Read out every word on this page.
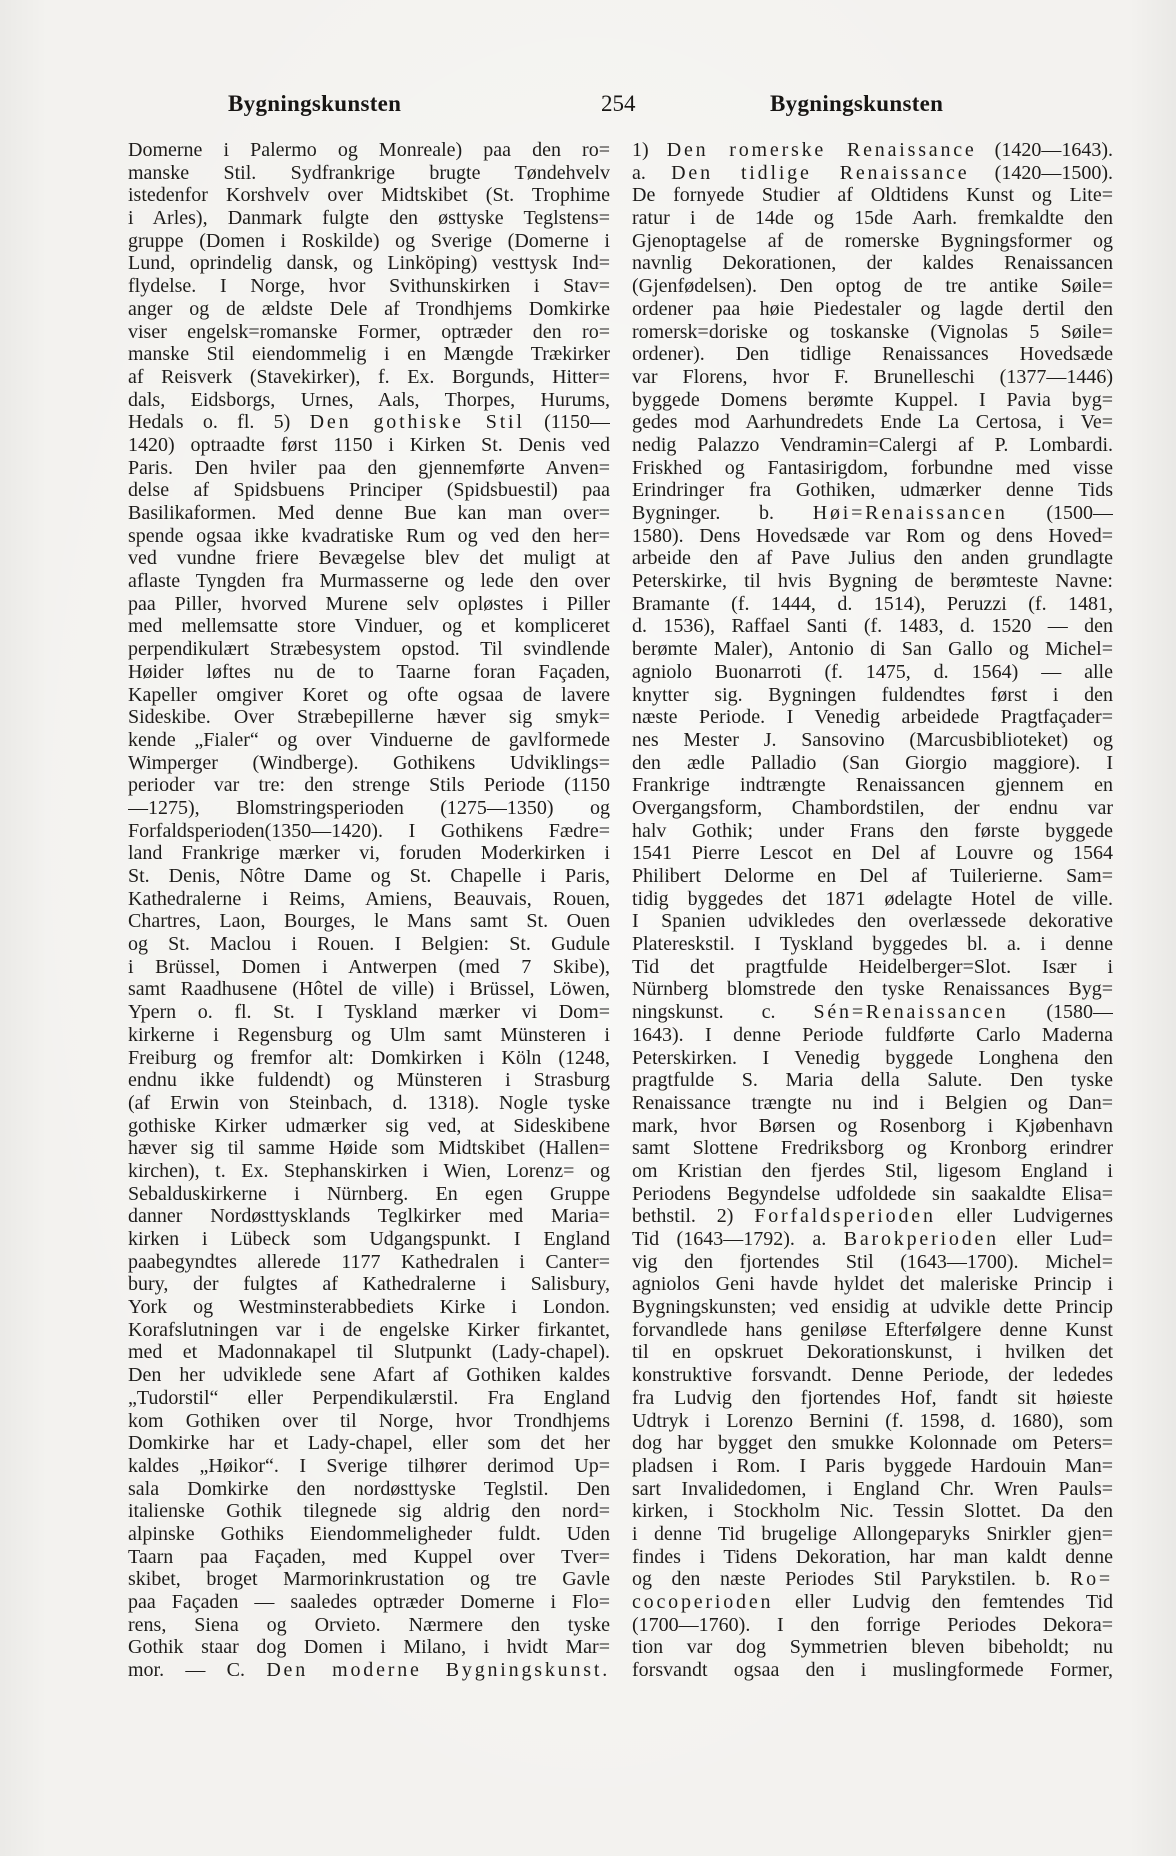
Bygningskunsten	254	Bygningskunsten
Domerne i Palermo og Monreale) paa den ro=
manske Stil. Sydfrankrige brugte Tøndehvelv
istedenfor Korshvelv over Midtskibet (St. Trophime
i Arles), Danmark fulgte den østtyske Teglstens=
gruppe (Domen i Roskilde) og Sverige (Domerne i
Lund, oprindelig dansk, og Linköping) vesttysk Ind=
flydelse. I Norge, hvor Svithunskirken i Stav=
anger og de ældste Dele af Trondhjems Domkirke
viser engelsk=romanske Former, optræder den ro=
manske Stil eiendommelig i en Mængde Trækirker
af Reisverk (Stavekirker), f. Ex. Borgunds, Hitter=
dals, Eidsborgs, Urnes, Aals, Thorpes, Hurums,
Hedals o. fl. 5) Den gothiske Stil (1150—
1420) optraadte først 1150 i Kirken St. Denis ved
Paris. Den hviler paa den gjennemførte Anven=
delse af Spidsbuens Principer (Spidsbuestil) paa
Basilikaformen. Med denne Bue kan man over=
spende ogsaa ikke kvadratiske Rum og ved den her=
ved vundne friere Bevægelse blev det muligt at
aflaste Tyngden fra Murmasserne og lede den over
paa Piller, hvorved Murene selv opløstes i Piller
med mellemsatte store Vinduer, og et kompliceret
perpendikulært Stræbesystem opstod. Til svindlende
Høider løftes nu de to Taarne foran Façaden,
Kapeller omgiver Koret og ofte ogsaa de lavere
Sideskibe. Over Stræbepillerne hæver sig smyk=
kende „Fialer“ og over Vinduerne de gavlformede
Wimperger (Windberge). Gothikens Udviklings=
perioder var tre: den strenge Stils Periode (1150
—1275), Blomstringsperioden (1275—1350) og
Forfaldsperioden(1350—1420). I Gothikens Fædre=
land Frankrige mærker vi, foruden Moderkirken i
St. Denis, Nôtre Dame og St. Chapelle i Paris,
Kathedralerne i Reims, Amiens, Beauvais, Rouen,
Chartres, Laon, Bourges, le Mans samt St. Ouen
og St. Maclou i Rouen. I Belgien: St. Gudule
i Brüssel, Domen i Antwerpen (med 7 Skibe),
samt Raadhusene (Hôtel de ville) i Brüssel, Löwen,
Ypern o. fl. St. I Tyskland mærker vi Dom=
kirkerne i Regensburg og Ulm samt Münsteren i
Freiburg og fremfor alt: Domkirken i Köln (1248,
endnu ikke fuldendt) og Münsteren i Strasburg
(af Erwin von Steinbach, d. 1318). Nogle tyske
gothiske Kirker udmærker sig ved, at Sideskibene
hæver sig til samme Høide som Midtskibet (Hallen=
kirchen), t. Ex. Stephanskirken i Wien, Lorenz= og
Sebalduskirkerne i Nürnberg. En egen Gruppe
danner Nordøsttysklands Teglkirker med Maria=
kirken i Lübeck som Udgangspunkt. I England
paabegyndtes allerede 1177 Kathedralen i Canter=
bury, der fulgtes af Kathedralerne i Salisbury,
York og Westminsterabbediets Kirke i London.
Korafslutningen var i de engelske Kirker firkantet,
med et Madonnakapel til Slutpunkt (Lady-chapel).
Den her udviklede sene Afart af Gothiken kaldes
„Tudorstil“ eller Perpendikulærstil. Fra England
kom Gothiken over til Norge, hvor Trondhjems
Domkirke har et Lady-chapel, eller som det her
kaldes „Høikor“. I Sverige tilhører derimod Up=
sala Domkirke den nordøsttyske Teglstil. Den
italienske Gothik tilegnede sig aldrig den nord=
alpinske Gothiks Eiendommeligheder fuldt. Uden
Taarn paa Façaden, med Kuppel over Tver=
skibet, broget Marmorinkrustation og tre Gavle
paa Façaden — saaledes optræder Domerne i Flo=
rens, Siena og Orvieto. Nærmere den tyske
Gothik staar dog Domen i Milano, i hvidt Mar=
mor. — C. Den moderne Bygningskunst.
1) Den romerske Renaissance (1420—1643).
a. Den tidlige Renaissance (1420—1500).
De fornyede Studier af Oldtidens Kunst og Lite=
ratur i de 14de og 15de Aarh. fremkaldte den
Gjenoptagelse af de romerske Bygningsformer og
navnlig Dekorationen, der kaldes Renaissancen
(Gjenfødelsen). Den optog de tre antike Søile=
ordener paa høie Piedestaler og lagde dertil den
romersk=doriske og toskanske (Vignolas 5 Søile=
ordener). Den tidlige Renaissances Hovedsæde
var Florens, hvor F. Brunelleschi (1377—1446)
byggede Domens berømte Kuppel. I Pavia byg=
gedes mod Aarhundredets Ende La Certosa, i Ve=
nedig Palazzo Vendramin=Calergi af P. Lombardi.
Friskhed og Fantasirigdom, forbundne med visse
Erindringer fra Gothiken, udmærker denne Tids
Bygninger. b. Høi=Renaissancen (1500—
1580). Dens Hovedsæde var Rom og dens Hoved=
arbeide den af Pave Julius den anden grundlagte
Peterskirke, til hvis Bygning de berømteste Navne:
Bramante (f. 1444, d. 1514), Peruzzi (f. 1481,
d. 1536), Raffael Santi (f. 1483, d. 1520 — den
berømte Maler), Antonio di San Gallo og Michel=
agniolo Buonarroti (f. 1475, d. 1564) — alle
knytter sig. Bygningen fuldendtes først i den
næste Periode. I Venedig arbeidede Pragtfaçader=
nes Mester J. Sansovino (Marcusbiblioteket) og
den ædle Palladio (San Giorgio maggiore). I
Frankrige indtrængte Renaissancen gjennem en
Overgangsform, Chambordstilen, der endnu var
halv Gothik; under Frans den første byggede
1541 Pierre Lescot en Del af Louvre og 1564
Philibert Delorme en Del af Tuilerierne. Sam=
tidig byggedes det 1871 ødelagte Hotel de ville.
I Spanien udvikledes den overlæssede dekorative
Platereskstil. I Tyskland byggedes bl. a. i denne
Tid det pragtfulde Heidelberger=Slot. Især i
Nürnberg blomstrede den tyske Renaissances Byg=
ningskunst. c. Sén=Renaissancen (1580—
1643). I denne Periode fuldførte Carlo Maderna
Peterskirken. I Venedig byggede Longhena den
pragtfulde S. Maria della Salute. Den tyske
Renaissance trængte nu ind i Belgien og Dan=
mark, hvor Børsen og Rosenborg i Kjøbenhavn
samt Slottene Fredriksborg og Kronborg erindrer
om Kristian den fjerdes Stil, ligesom England i
Periodens Begyndelse udfoldede sin saakaldte Elisa=
bethstil. 2) Forfaldsperioden eller Ludvigernes
Tid (1643—1792). a. Barokperioden eller Lud=
vig den fjortendes Stil (1643—1700). Michel=
agniolos Geni havde hyldet det maleriske Princip i
Bygningskunsten; ved ensidig at udvikle dette Princip
forvandlede hans geniløse Efterfølgere denne Kunst
til en opskruet Dekorationskunst, i hvilken det
konstruktive forsvandt. Denne Periode, der lededes
fra Ludvig den fjortendes Hof, fandt sit høieste
Udtryk i Lorenzo Bernini (f. 1598, d. 1680), som
dog har bygget den smukke Kolonnade om Peters=
pladsen i Rom. I Paris byggede Hardouin Man=
sart Invalidedomen, i England Chr. Wren Pauls=
kirken, i Stockholm Nic. Tessin Slottet. Da den
i denne Tid brugelige Allongeparyks Snirkler gjen=
findes i Tidens Dekoration, har man kaldt denne
og den næste Periodes Stil Parykstilen. b. Ro=
cocoperioden eller Ludvig den femtendes Tid
(1700—1760). I den forrige Periodes Dekora=
tion var dog Symmetrien bleven bibeholdt; nu
forsvandt ogsaa den i muslingformede Former,
